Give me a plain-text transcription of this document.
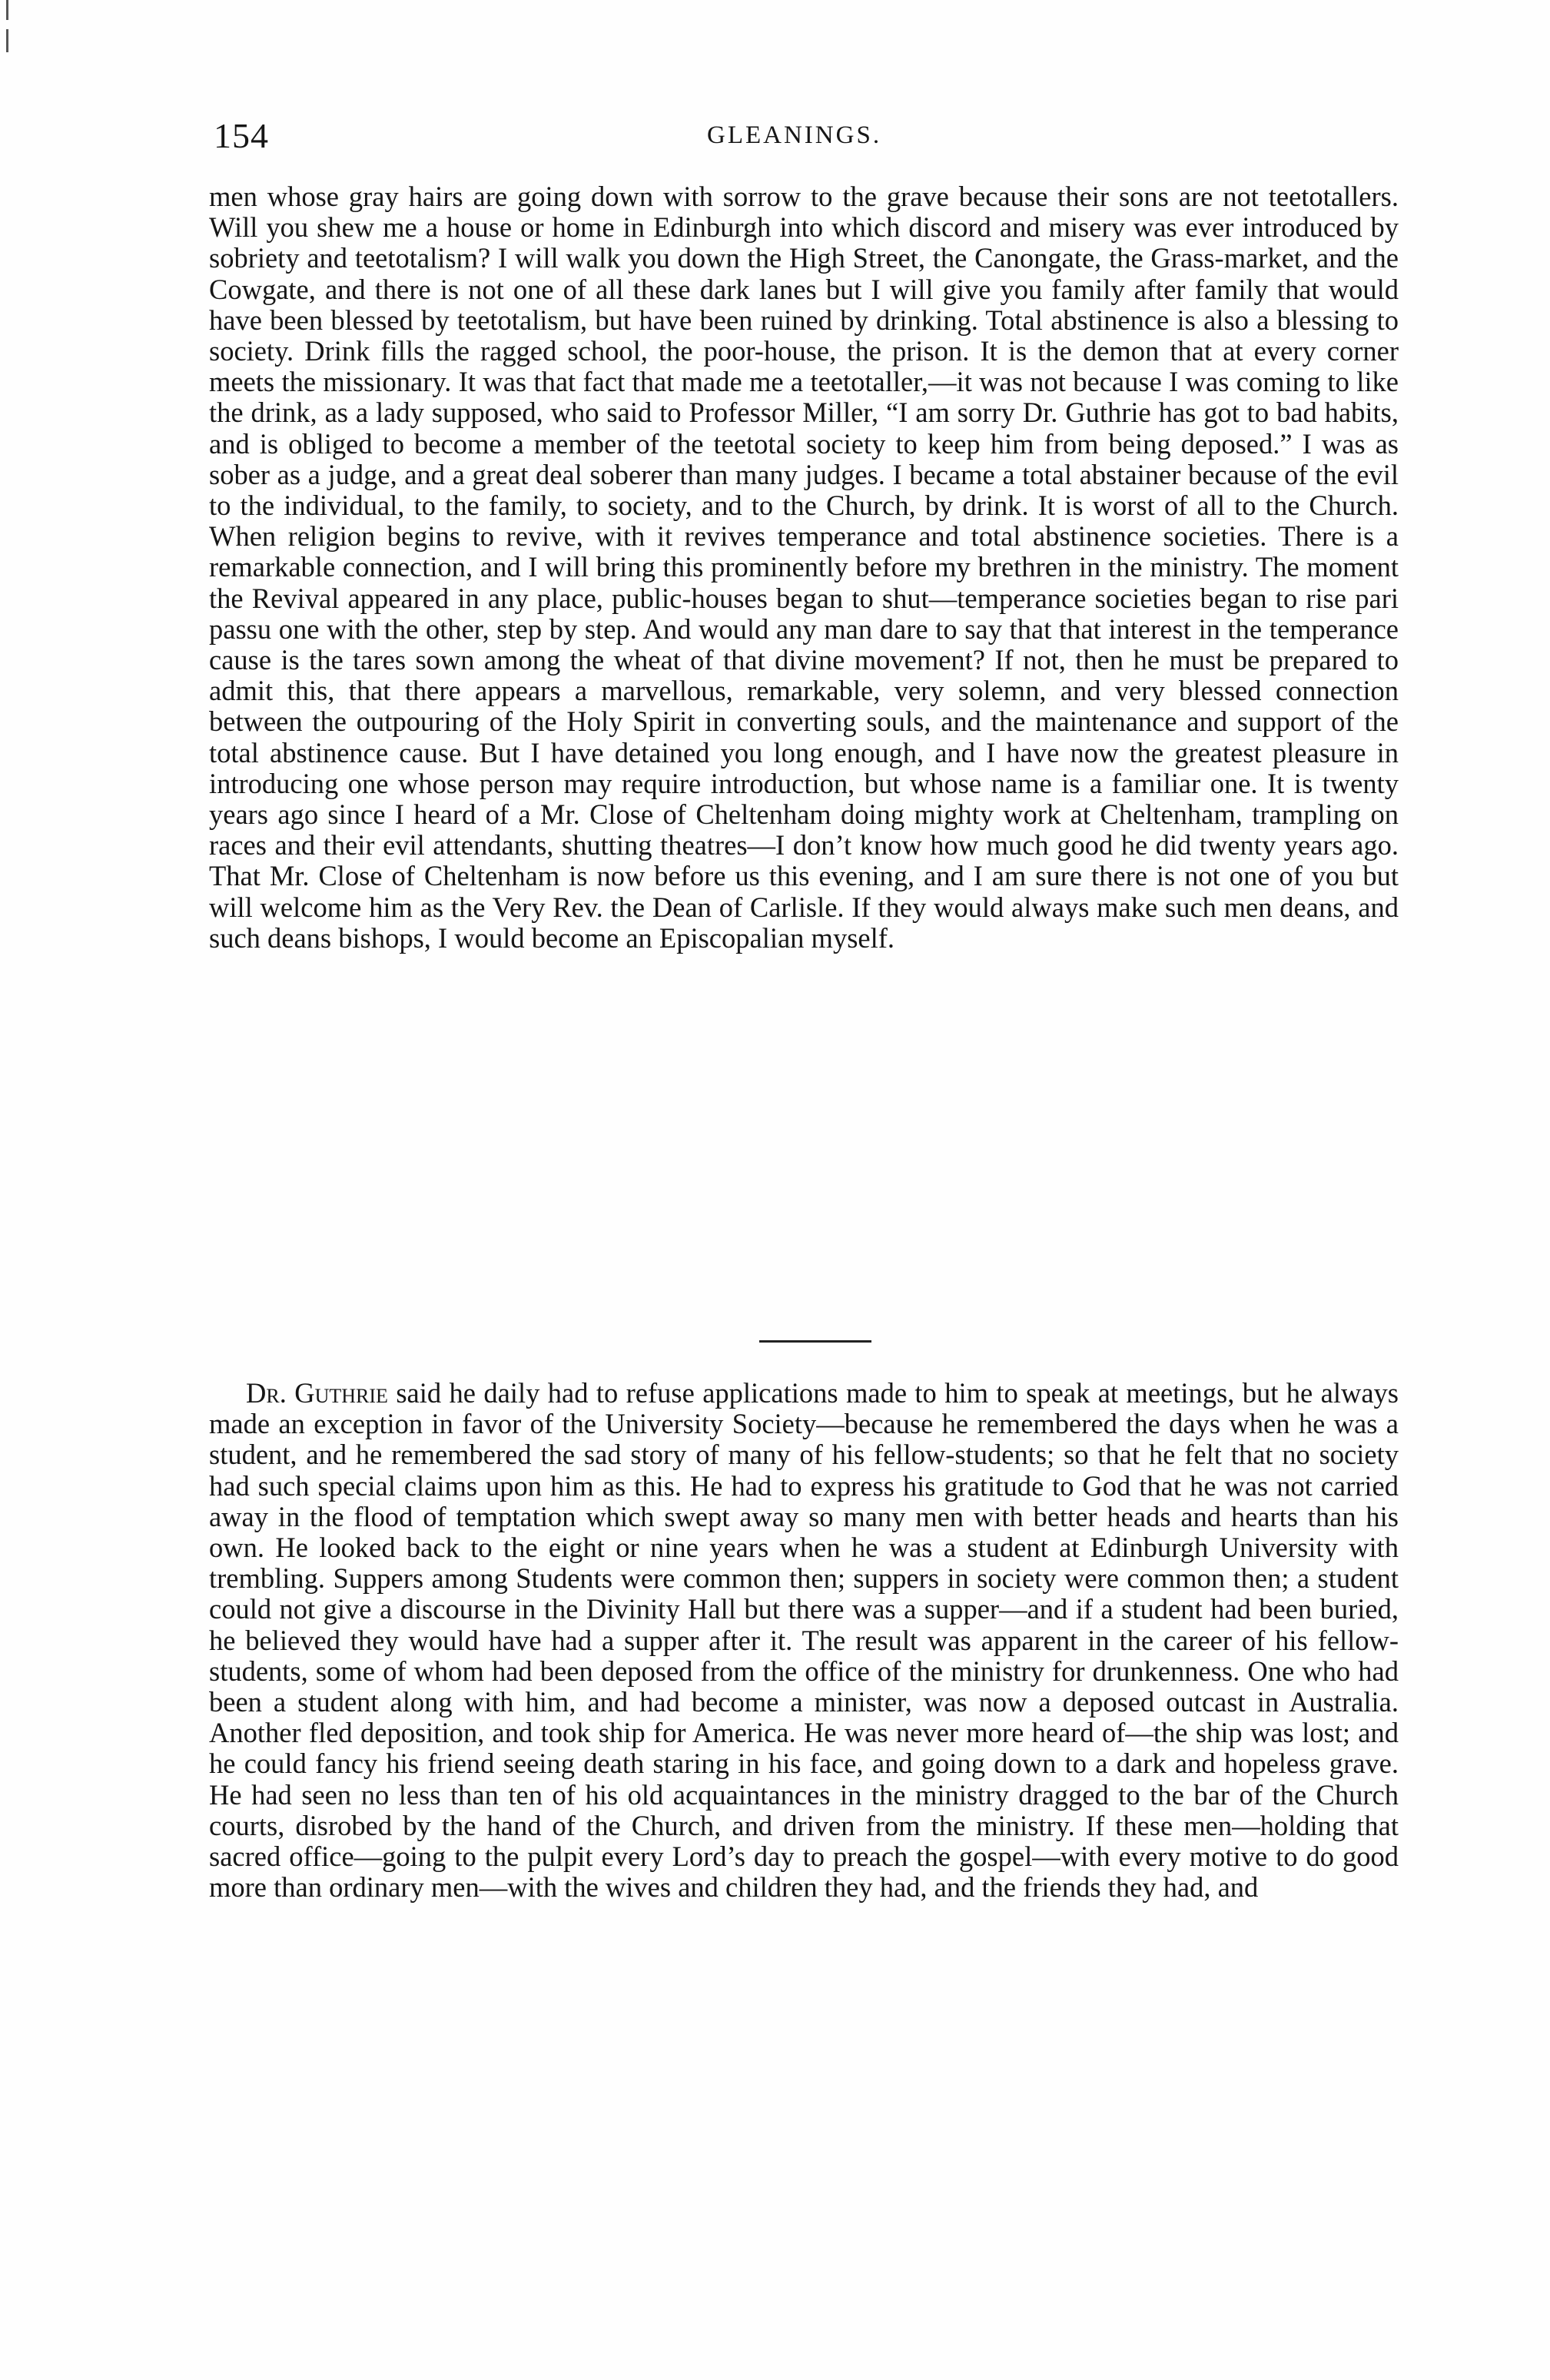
154	GLEANINGS.

men whose gray hairs are going down with sorrow to the grave because their sons are not teetotallers. Will you shew me a house or home in Edinburgh into which discord and misery was ever introduced by sobriety and teetotalism? I will walk you down the High Street, the Canongate, the Grass-market, and the Cowgate, and there is not one of all these dark lanes but I will give you family after family that would have been blessed by teetotalism, but have been ruined by drinking. Total abstinence is also a blessing to society. Drink fills the ragged school, the poor-house, the prison. It is the demon that at every corner meets the missionary. It was that fact that made me a teetotaller,—it was not because I was coming to like the drink, as a lady supposed, who said to Professor Miller, “I am sorry Dr. Guthrie has got to bad habits, and is obliged to become a member of the teetotal society to keep him from being deposed.” I was as sober as a judge, and a great deal soberer than many judges. I became a total abstainer because of the evil to the individual, to the family, to society, and to the Church, by drink. It is worst of all to the Church. When religion begins to revive, with it revives temperance and total abstinence societies. There is a remarkable connection, and I will bring this prominently before my brethren in the ministry. The moment the Revival appeared in any place, public-houses began to shut—temperance societies began to rise pari passu one with the other, step by step. And would any man dare to say that that interest in the temperance cause is the tares sown among the wheat of that divine movement? If not, then he must be prepared to admit this, that there appears a marvellous, remarkable, very solemn, and very blessed connection between the outpouring of the Holy Spirit in converting souls, and the maintenance and support of the total abstinence cause. But I have detained you long enough, and I have now the greatest pleasure in introducing one whose person may require introduction, but whose name is a familiar one. It is twenty years ago since I heard of a Mr. Close of Cheltenham doing mighty work at Cheltenham, trampling on races and their evil attendants, shutting theatres—I don’t know how much good he did twenty years ago. That Mr. Close of Cheltenham is now before us this evening, and I am sure there is not one of you but will welcome him as the Very Rev. the Dean of Carlisle. If they would always make such men deans, and such deans bishops, I would become an Episcopalian myself.

Dr. Guthrie said he daily had to refuse applications made to him to speak at meetings, but he always made an exception in favor of the University Society—because he remembered the days when he was a student, and he remembered the sad story of many of his fellow-students; so that he felt that no society had such special claims upon him as this. He had to express his gratitude to God that he was not carried away in the flood of temptation which swept away so many men with better heads and hearts than his own. He looked back to the eight or nine years when he was a student at Edinburgh University with trembling. Suppers among Students were common then; suppers in society were common then; a student could not give a discourse in the Divinity Hall but there was a supper—and if a student had been buried, he believed they would have had a supper after it. The result was apparent in the career of his fellow-students, some of whom had been deposed from the office of the ministry for drunkenness. One who had been a student along with him, and had become a minister, was now a deposed outcast in Australia. Another fled deposition, and took ship for America. He was never more heard of—the ship was lost; and he could fancy his friend seeing death staring in his face, and going down to a dark and hopeless grave. He had seen no less than ten of his old acquaintances in the ministry dragged to the bar of the Church courts, disrobed by the hand of the Church, and driven from the ministry. If these men—holding that sacred office—going to the pulpit every Lord’s day to preach the gospel—with every motive to do good more than ordinary men—with the wives and children they had, and the friends they had, and
